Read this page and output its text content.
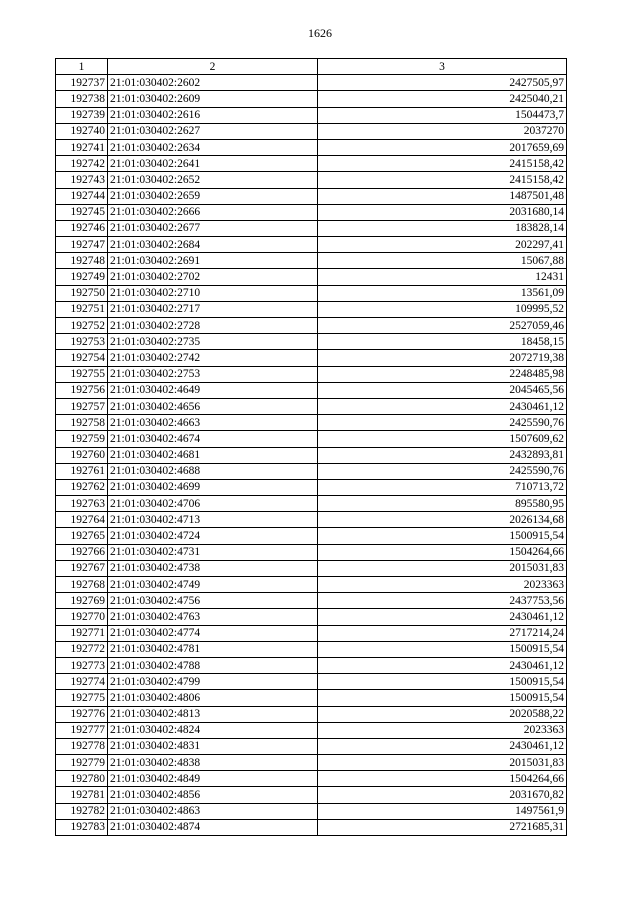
1626
1	2	3
192737	21:01:030402:2602	2427505,97
192738	21:01:030402:2609	2425040,21
192739	21:01:030402:2616	1504473,7
192740	21:01:030402:2627	2037270
192741	21:01:030402:2634	2017659,69
192742	21:01:030402:2641	2415158,42
192743	21:01:030402:2652	2415158,42
192744	21:01:030402:2659	1487501,48
192745	21:01:030402:2666	2031680,14
192746	21:01:030402:2677	183828,14
192747	21:01:030402:2684	202297,41
192748	21:01:030402:2691	15067,88
192749	21:01:030402:2702	12431
192750	21:01:030402:2710	13561,09
192751	21:01:030402:2717	109995,52
192752	21:01:030402:2728	2527059,46
192753	21:01:030402:2735	18458,15
192754	21:01:030402:2742	2072719,38
192755	21:01:030402:2753	2248485,98
192756	21:01:030402:4649	2045465,56
192757	21:01:030402:4656	2430461,12
192758	21:01:030402:4663	2425590,76
192759	21:01:030402:4674	1507609,62
192760	21:01:030402:4681	2432893,81
192761	21:01:030402:4688	2425590,76
192762	21:01:030402:4699	710713,72
192763	21:01:030402:4706	895580,95
192764	21:01:030402:4713	2026134,68
192765	21:01:030402:4724	1500915,54
192766	21:01:030402:4731	1504264,66
192767	21:01:030402:4738	2015031,83
192768	21:01:030402:4749	2023363
192769	21:01:030402:4756	2437753,56
192770	21:01:030402:4763	2430461,12
192771	21:01:030402:4774	2717214,24
192772	21:01:030402:4781	1500915,54
192773	21:01:030402:4788	2430461,12
192774	21:01:030402:4799	1500915,54
192775	21:01:030402:4806	1500915,54
192776	21:01:030402:4813	2020588,22
192777	21:01:030402:4824	2023363
192778	21:01:030402:4831	2430461,12
192779	21:01:030402:4838	2015031,83
192780	21:01:030402:4849	1504264,66
192781	21:01:030402:4856	2031670,82
192782	21:01:030402:4863	1497561,9
192783	21:01:030402:4874	2721685,31
